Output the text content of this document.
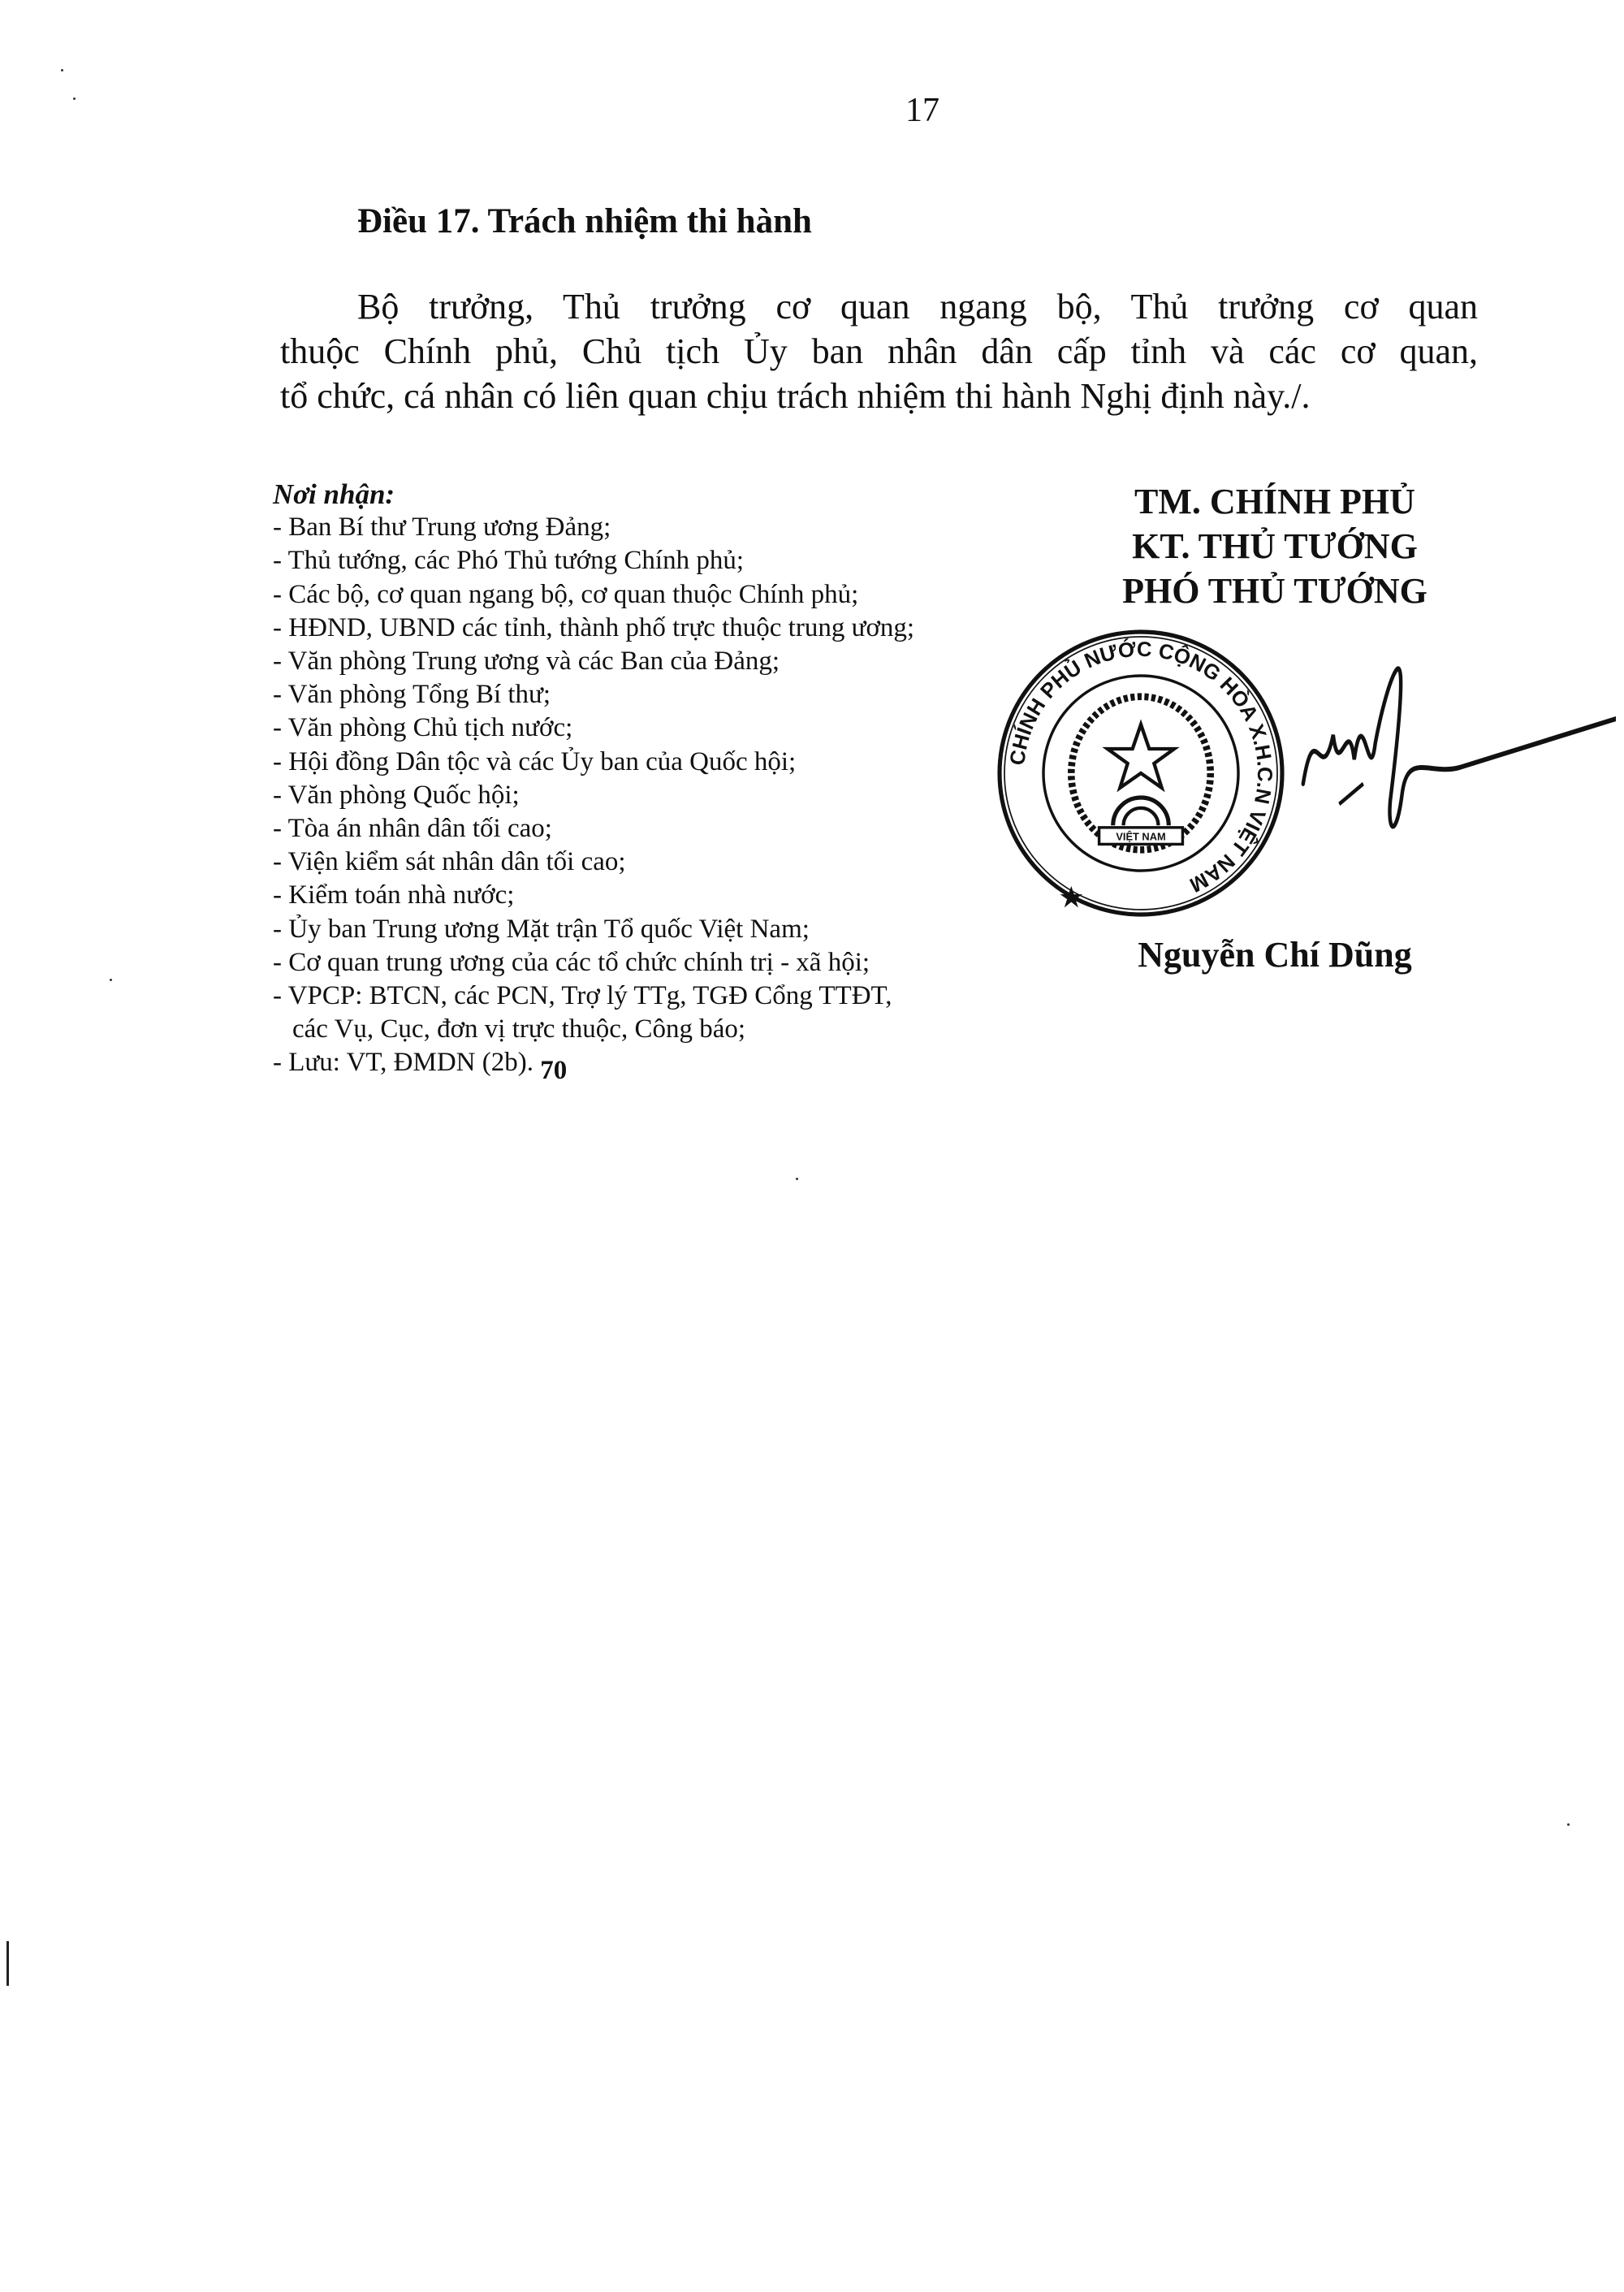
17
Điều 17. Trách nhiệm thi hành
Bộ trưởng, Thủ trưởng cơ quan ngang bộ, Thủ trưởng cơ quan
thuộc Chính phủ, Chủ tịch Ủy ban nhân dân cấp tỉnh và các cơ quan,
tổ chức, cá nhân có liên quan chịu trách nhiệm thi hành Nghị định này./.
Nơi nhận:
- Ban Bí thư Trung ương Đảng;
- Thủ tướng, các Phó Thủ tướng Chính phủ;
- Các bộ, cơ quan ngang bộ, cơ quan thuộc Chính phủ;
- HĐND, UBND các tỉnh, thành phố trực thuộc trung ương;
- Văn phòng Trung ương và các Ban của Đảng;
- Văn phòng Tổng Bí thư;
- Văn phòng Chủ tịch nước;
- Hội đồng Dân tộc và các Ủy ban của Quốc hội;
- Văn phòng Quốc hội;
- Tòa án nhân dân tối cao;
- Viện kiểm sát nhân dân tối cao;
- Kiểm toán nhà nước;
- Ủy ban Trung ương Mặt trận Tổ quốc Việt Nam;
- Cơ quan trung ương của các tổ chức chính trị - xã hội;
- VPCP: BTCN, các PCN, Trợ lý TTg, TGĐ Cổng TTĐT,
các Vụ, Cục, đơn vị trực thuộc, Công báo;
- Lưu: VT, ĐMDN (2b). 70
TM. CHÍNH PHỦ
KT. THỦ TƯỚNG
PHÓ THỦ TƯỚNG
CHÍNH PHỦ NƯỚC CỘNG HÒA X.H.C.N VIỆT NAM
VIỆT NAM
Nguyễn Chí Dũng
